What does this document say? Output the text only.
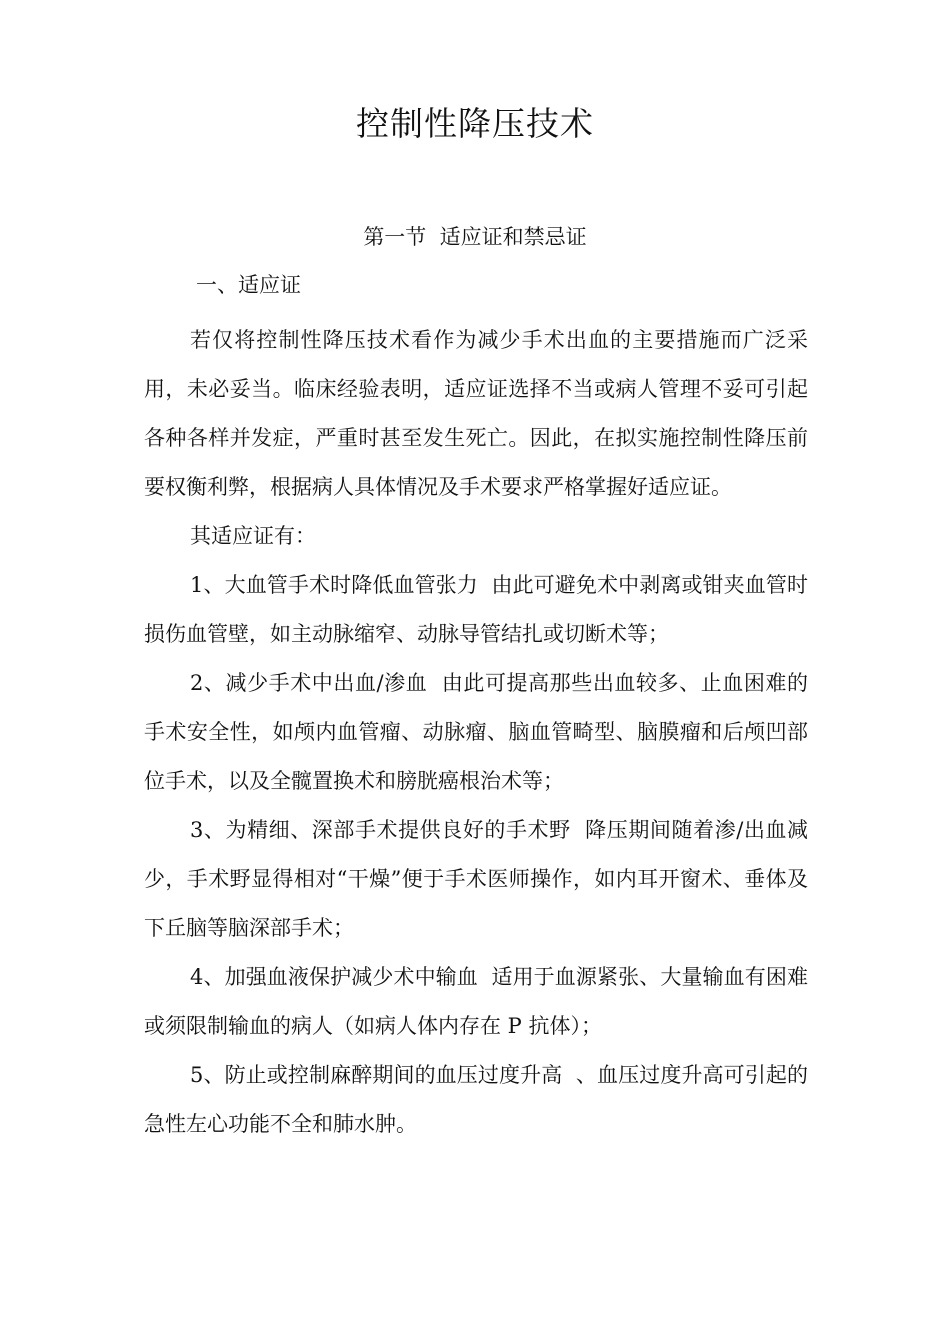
控制性降压技术
第一节  适应证和禁忌证
一、适应证

若仅将控制性降压技术看作为减少手术出血的主要措施而广泛采用，未必妥当。临床经验表明，适应证选择不当或病人管理不妥可引起各种各样并发症，严重时甚至发生死亡。因此，在拟实施控制性降压前要权衡利弊，根据病人具体情况及手术要求严格掌握好适应证。

其适应证有：

1、大血管手术时降低血管张力  由此可避免术中剥离或钳夹血管时损伤血管壁，如主动脉缩窄、动脉导管结扎或切断术等；

2、减少手术中出血/渗血  由此可提高那些出血较多、止血困难的手术安全性，如颅内血管瘤、动脉瘤、脑血管畸型、脑膜瘤和后颅凹部位手术，以及全髋置换术和膀胱癌根治术等；

3、为精细、深部手术提供良好的手术野  降压期间随着渗/出血减少，手术野显得相对“干燥”便于手术医师操作，如内耳开窗术、垂体及下丘脑等脑深部手术；

4、加强血液保护减少术中输血  适用于血源紧张、大量输血有困难或须限制输血的病人（如病人体内存在 P 抗体）；

5、防止或控制麻醉期间的血压过度升高  、血压过度升高可引起的急性左心功能不全和肺水肿。
